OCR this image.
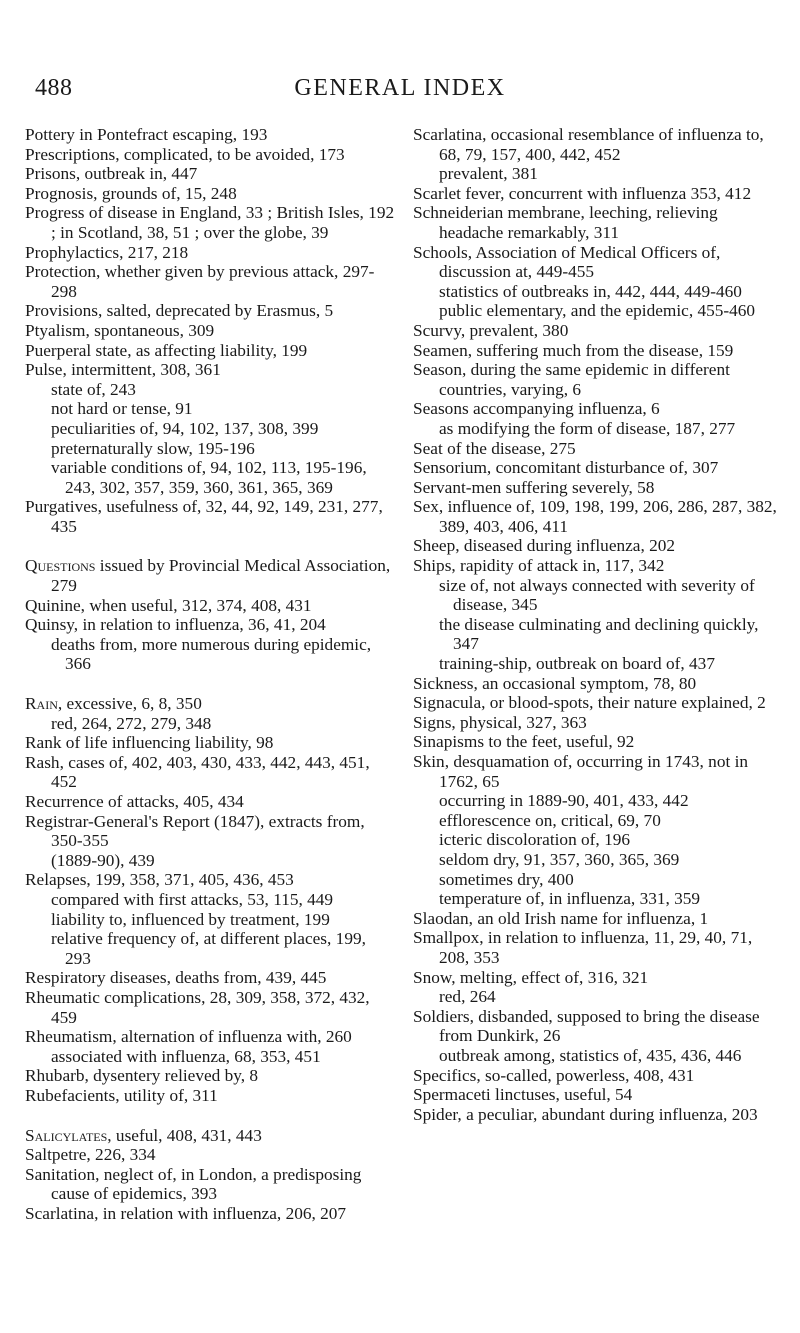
488	GENERAL INDEX

Pottery in Pontefract escaping, 193

Prescriptions, complicated, to be avoided, 173

Prisons, outbreak in, 447

Prognosis, grounds of, 15, 248

Progress of disease in England, 33 ; British Isles, 192 ; in Scotland, 38, 51 ; over the globe, 39

Prophylactics, 217, 218

Protection, whether given by previous attack, 297-298

Provisions, salted, deprecated by Erasmus, 5

Ptyalism, spontaneous, 309

Puerperal state, as affecting liability, 199

Pulse, intermittent, 308, 361

state of, 243

not hard or tense, 91

peculiarities of, 94, 102, 137, 308, 399

preternaturally slow, 195-196

variable conditions of, 94, 102, 113, 195-196, 243, 302, 357, 359, 360, 361, 365, 369

Purgatives, usefulness of, 32, 44, 92, 149, 231, 277, 435

Questions issued by Provincial Medical Association, 279

Quinine, when useful, 312, 374, 408, 431

Quinsy, in relation to influenza, 36, 41, 204

deaths from, more numerous during epidemic, 366

Rain, excessive, 6, 8, 350

red, 264, 272, 279, 348

Rank of life influencing liability, 98

Rash, cases of, 402, 403, 430, 433, 442, 443, 451, 452

Recurrence of attacks, 405, 434

Registrar-General's Report (1847), extracts from, 350-355

(1889-90), 439

Relapses, 199, 358, 371, 405, 436, 453

compared with first attacks, 53, 115, 449

liability to, influenced by treatment, 199

relative frequency of, at different places, 199, 293

Respiratory diseases, deaths from, 439, 445

Rheumatic complications, 28, 309, 358, 372, 432, 459

Rheumatism, alternation of influenza with, 260

associated with influenza, 68, 353, 451

Rhubarb, dysentery relieved by, 8

Rubefacients, utility of, 311

Salicylates, useful, 408, 431, 443

Saltpetre, 226, 334

Sanitation, neglect of, in London, a predisposing cause of epidemics, 393

Scarlatina, in relation with influenza, 206, 207

Scarlatina, occasional resemblance of influenza to, 68, 79, 157, 400, 442, 452

prevalent, 381

Scarlet fever, concurrent with influenza 353, 412

Schneiderian membrane, leeching, relieving headache remarkably, 311

Schools, Association of Medical Officers of, discussion at, 449-455

statistics of outbreaks in, 442, 444, 449-460

public elementary, and the epidemic, 455-460

Scurvy, prevalent, 380

Seamen, suffering much from the disease, 159

Season, during the same epidemic in different countries, varying, 6

Seasons accompanying influenza, 6

as modifying the form of disease, 187, 277

Seat of the disease, 275

Sensorium, concomitant disturbance of, 307

Servant-men suffering severely, 58

Sex, influence of, 109, 198, 199, 206, 286, 287, 382, 389, 403, 406, 411

Sheep, diseased during influenza, 202

Ships, rapidity of attack in, 117, 342

size of, not always connected with severity of disease, 345

the disease culminating and declining quickly, 347

training-ship, outbreak on board of, 437

Sickness, an occasional symptom, 78, 80

Signacula, or blood-spots, their nature explained, 2

Signs, physical, 327, 363

Sinapisms to the feet, useful, 92

Skin, desquamation of, occurring in 1743, not in 1762, 65

occurring in 1889-90, 401, 433, 442

efflorescence on, critical, 69, 70

icteric discoloration of, 196

seldom dry, 91, 357, 360, 365, 369

sometimes dry, 400

temperature of, in influenza, 331, 359

Slaodan, an old Irish name for influenza, 1

Smallpox, in relation to influenza, 11, 29, 40, 71, 208, 353

Snow, melting, effect of, 316, 321

red, 264

Soldiers, disbanded, supposed to bring the disease from Dunkirk, 26

outbreak among, statistics of, 435, 436, 446

Specifics, so-called, powerless, 408, 431

Spermaceti linctuses, useful, 54

Spider, a peculiar, abundant during influenza, 203
